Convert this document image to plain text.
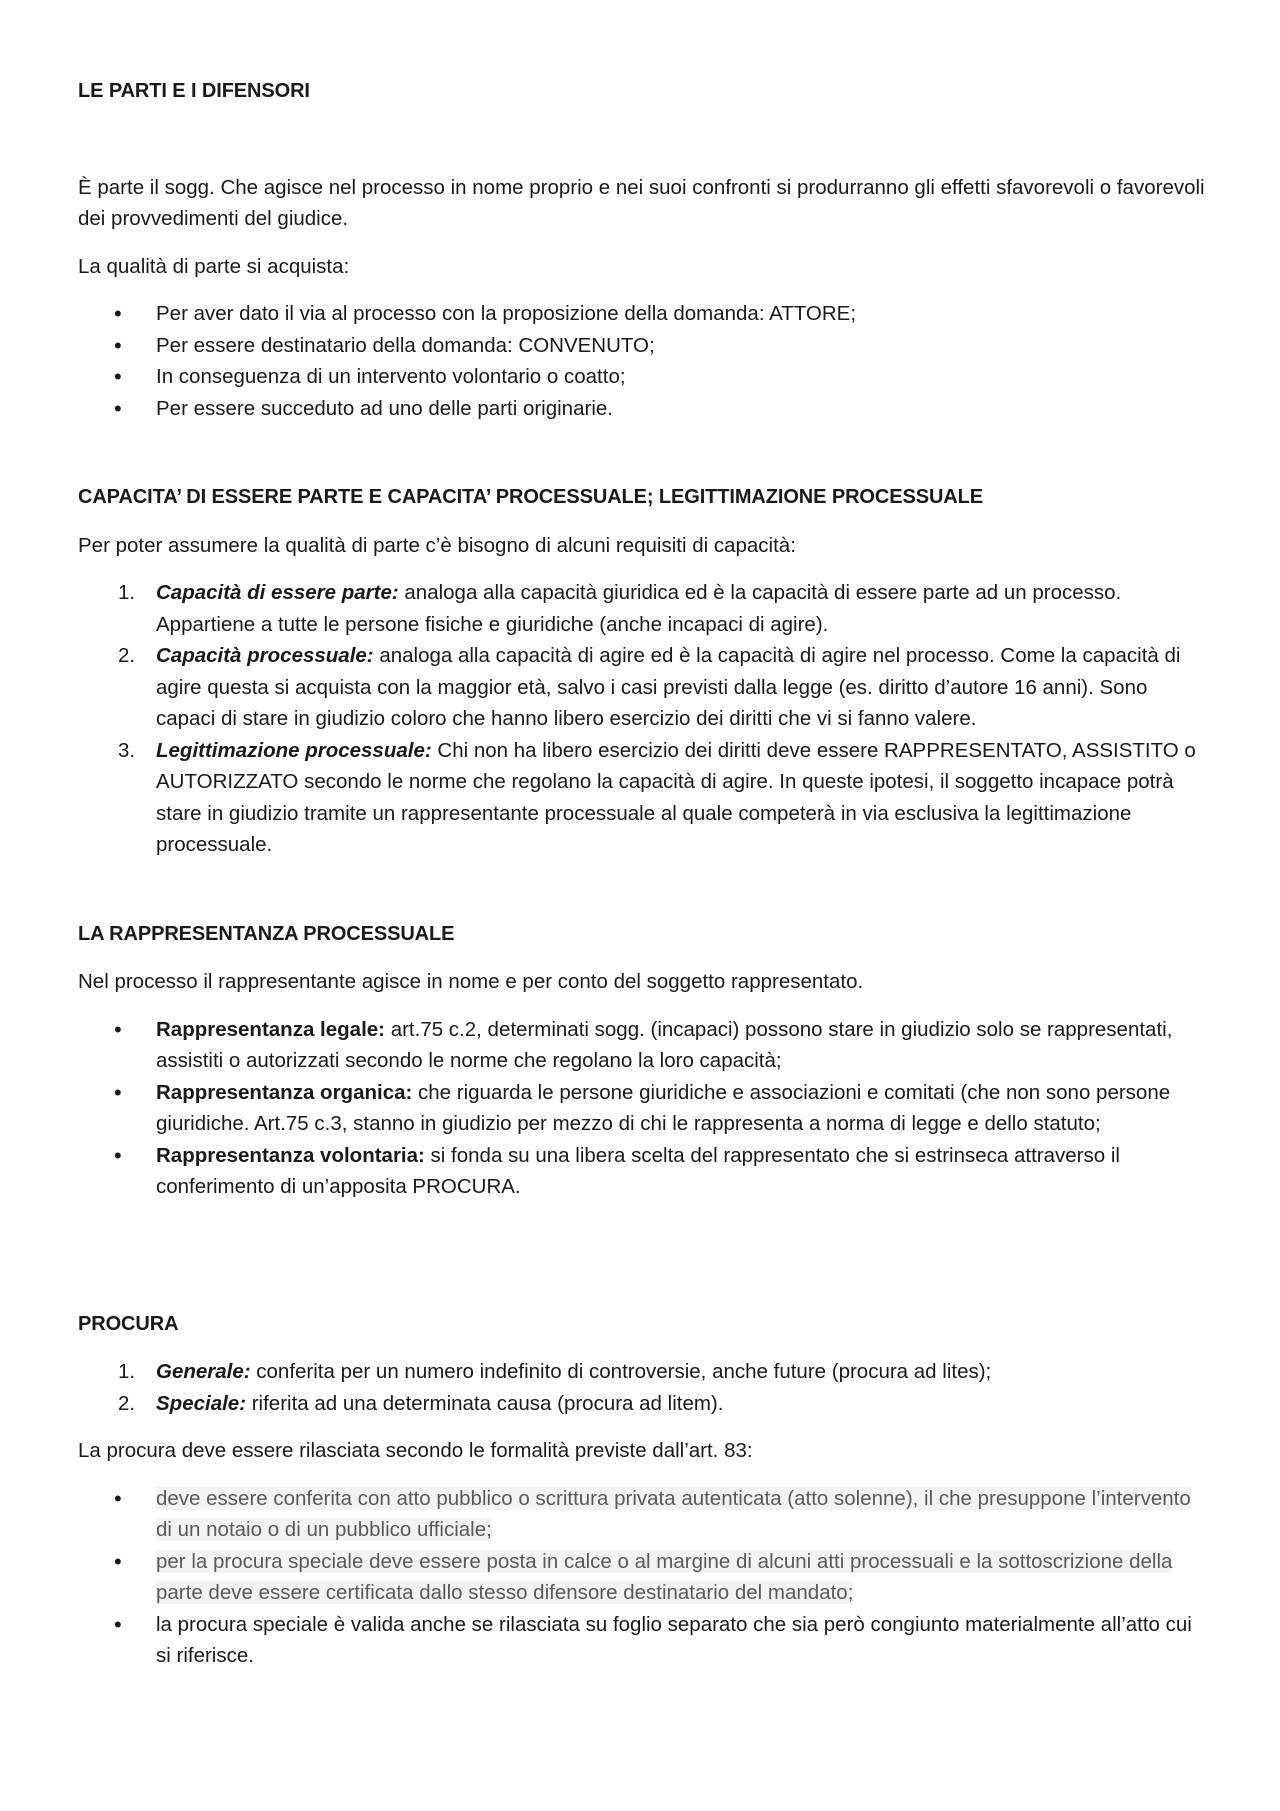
LE PARTI E I DIFENSORI

È parte il sogg. Che agisce nel processo in nome proprio e nei suoi confronti si produrranno gli effetti sfavorevoli o favorevoli dei provvedimenti del giudice.

La qualità di parte si acquista:

• Per aver dato il via al processo con la proposizione della domanda: ATTORE;
• Per essere destinatario della domanda: CONVENUTO;
• In conseguenza di un intervento volontario o coatto;
• Per essere succeduto ad uno delle parti originarie.
CAPACITA’ DI ESSERE PARTE E CAPACITA’ PROCESSUALE; LEGITTIMAZIONE PROCESSUALE

Per poter assumere la qualità di parte c’è bisogno di alcuni requisiti di capacità:

1. Capacità di essere parte: analoga alla capacità giuridica ed è la capacità di essere parte ad un processo. Appartiene a tutte le persone fisiche e giuridiche (anche incapaci di agire).
2. Capacità processuale: analoga alla capacità di agire ed è la capacità di agire nel processo. Come la capacità di agire questa si acquista con la maggior età, salvo i casi previsti dalla legge (es. diritto d’autore 16 anni). Sono capaci di stare in giudizio coloro che hanno libero esercizio dei diritti che vi si fanno valere.
3. Legittimazione processuale: Chi non ha libero esercizio dei diritti deve essere RAPPRESENTATO, ASSISTITO o AUTORIZZATO secondo le norme che regolano la capacità di agire. In queste ipotesi, il soggetto incapace potrà stare in giudizio tramite un rappresentante processuale al quale competerà in via esclusiva la legittimazione processuale.
LA RAPPRESENTANZA PROCESSUALE

Nel processo il rappresentante agisce in nome e per conto del soggetto rappresentato.

• Rappresentanza legale: art.75 c.2, determinati sogg. (incapaci) possono stare in giudizio solo se rappresentati, assistiti o autorizzati secondo le norme che regolano la loro capacità;
• Rappresentanza organica: che riguarda le persone giuridiche e associazioni e comitati (che non sono persone giuridiche. Art.75 c.3, stanno in giudizio per mezzo di chi le rappresenta a norma di legge e dello statuto;
• Rappresentanza volontaria: si fonda su una libera scelta del rappresentato che si estrinseca attraverso il conferimento di un’apposita PROCURA.
PROCURA
1. Generale: conferita per un numero indefinito di controversie, anche future (procura ad lites);
2. Speciale: riferita ad una determinata causa (procura ad litem).

La procura deve essere rilasciata secondo le formalità previste dall’art. 83:

• deve essere conferita con atto pubblico o scrittura privata autenticata (atto solenne), il che presuppone l’intervento di un notaio o di un pubblico ufficiale;
• per la procura speciale deve essere posta in calce o al margine di alcuni atti processuali e la sottoscrizione della parte deve essere certificata dallo stesso difensore destinatario del mandato;
• la procura speciale è valida anche se rilasciata su foglio separato che sia però congiunto materialmente all’atto cui si riferisce.
